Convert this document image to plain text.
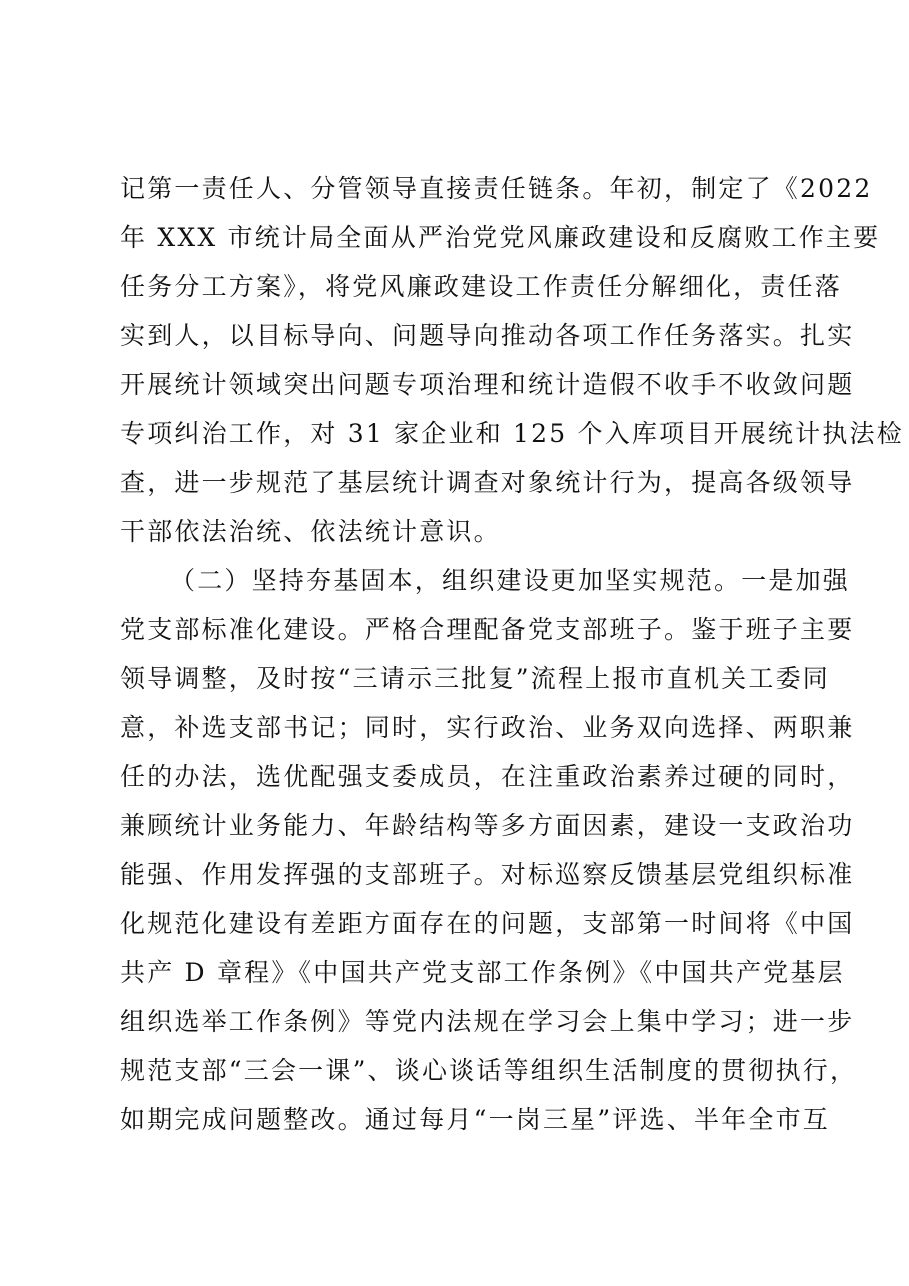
记第一责任人、分管领导直接责任链条。年初，制定了《2022
年 XXX 市统计局全面从严治党党风廉政建设和反腐败工作主要
任务分工方案》，将党风廉政建设工作责任分解细化，责任落
实到人，以目标导向、问题导向推动各项工作任务落实。扎实
开展统计领域突出问题专项治理和统计造假不收手不收敛问题
专项纠治工作，对 31 家企业和 125 个入库项目开展统计执法检
查，进一步规范了基层统计调查对象统计行为，提高各级领导
干部依法治统、依法统计意识。
（二）坚持夯基固本，组织建设更加坚实规范。一是加强
党支部标准化建设。严格合理配备党支部班子。鉴于班子主要
领导调整，及时按“三请示三批复”流程上报市直机关工委同
意，补选支部书记；同时，实行政治、业务双向选择、两职兼
任的办法，选优配强支委成员，在注重政治素养过硬的同时，
兼顾统计业务能力、年龄结构等多方面因素，建设一支政治功
能强、作用发挥强的支部班子。对标巡察反馈基层党组织标准
化规范化建设有差距方面存在的问题，支部第一时间将《中国
共产 D 章程》《中国共产党支部工作条例》《中国共产党基层
组织选举工作条例》等党内法规在学习会上集中学习；进一步
规范支部“三会一课”、谈心谈话等组织生活制度的贯彻执行，
如期完成问题整改。通过每月“一岗三星”评选、半年全市互
